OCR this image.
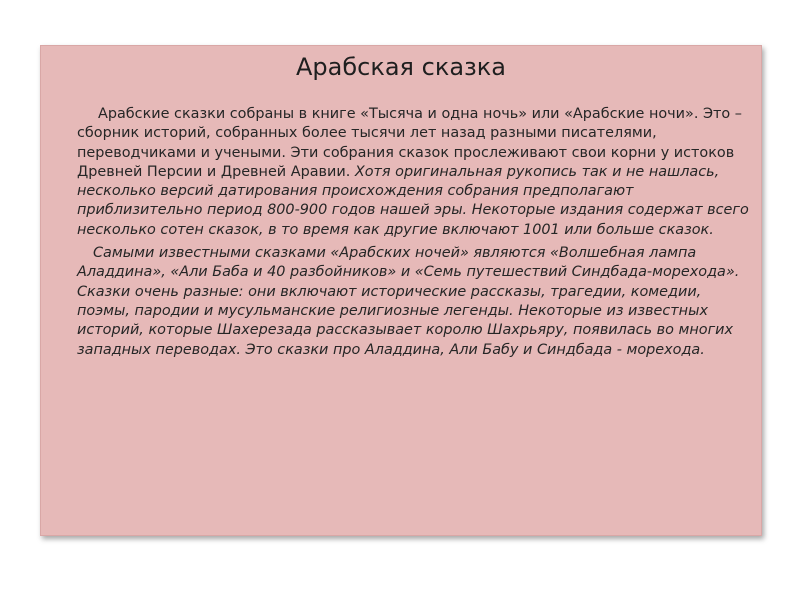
Арабская сказка

Арабские сказки собраны в книге «Тысяча и одна ночь» или «Арабские ночи». Это – сборник историй, собранных более тысячи лет назад разными писателями, переводчиками и учеными. Эти собрания сказок прослеживают свои корни у истоков Древней Персии и Древней Аравии. Хотя оригинальная рукопись так и не нашлась, несколько версий датирования происхождения собрания предполагают приблизительно период 800-900 годов нашей эры. Некоторые издания содержат всего несколько сотен сказок, в то время как другие включают 1001 или больше сказок.

Самыми известными сказками «Арабских ночей» являются «Волшебная лампа Аладдина», «Али Баба и 40 разбойников» и «Семь путешествий Синдбада-морехода». Сказки очень разные: они включают исторические рассказы, трагедии, комедии, поэмы, пародии и мусульманские религиозные легенды. Некоторые из известных историй, которые Шахерезада рассказывает королю Шахрьяру, появилась во многих западных переводах. Это сказки про Аладдина, Али Бабу и Синдбада - морехода.
